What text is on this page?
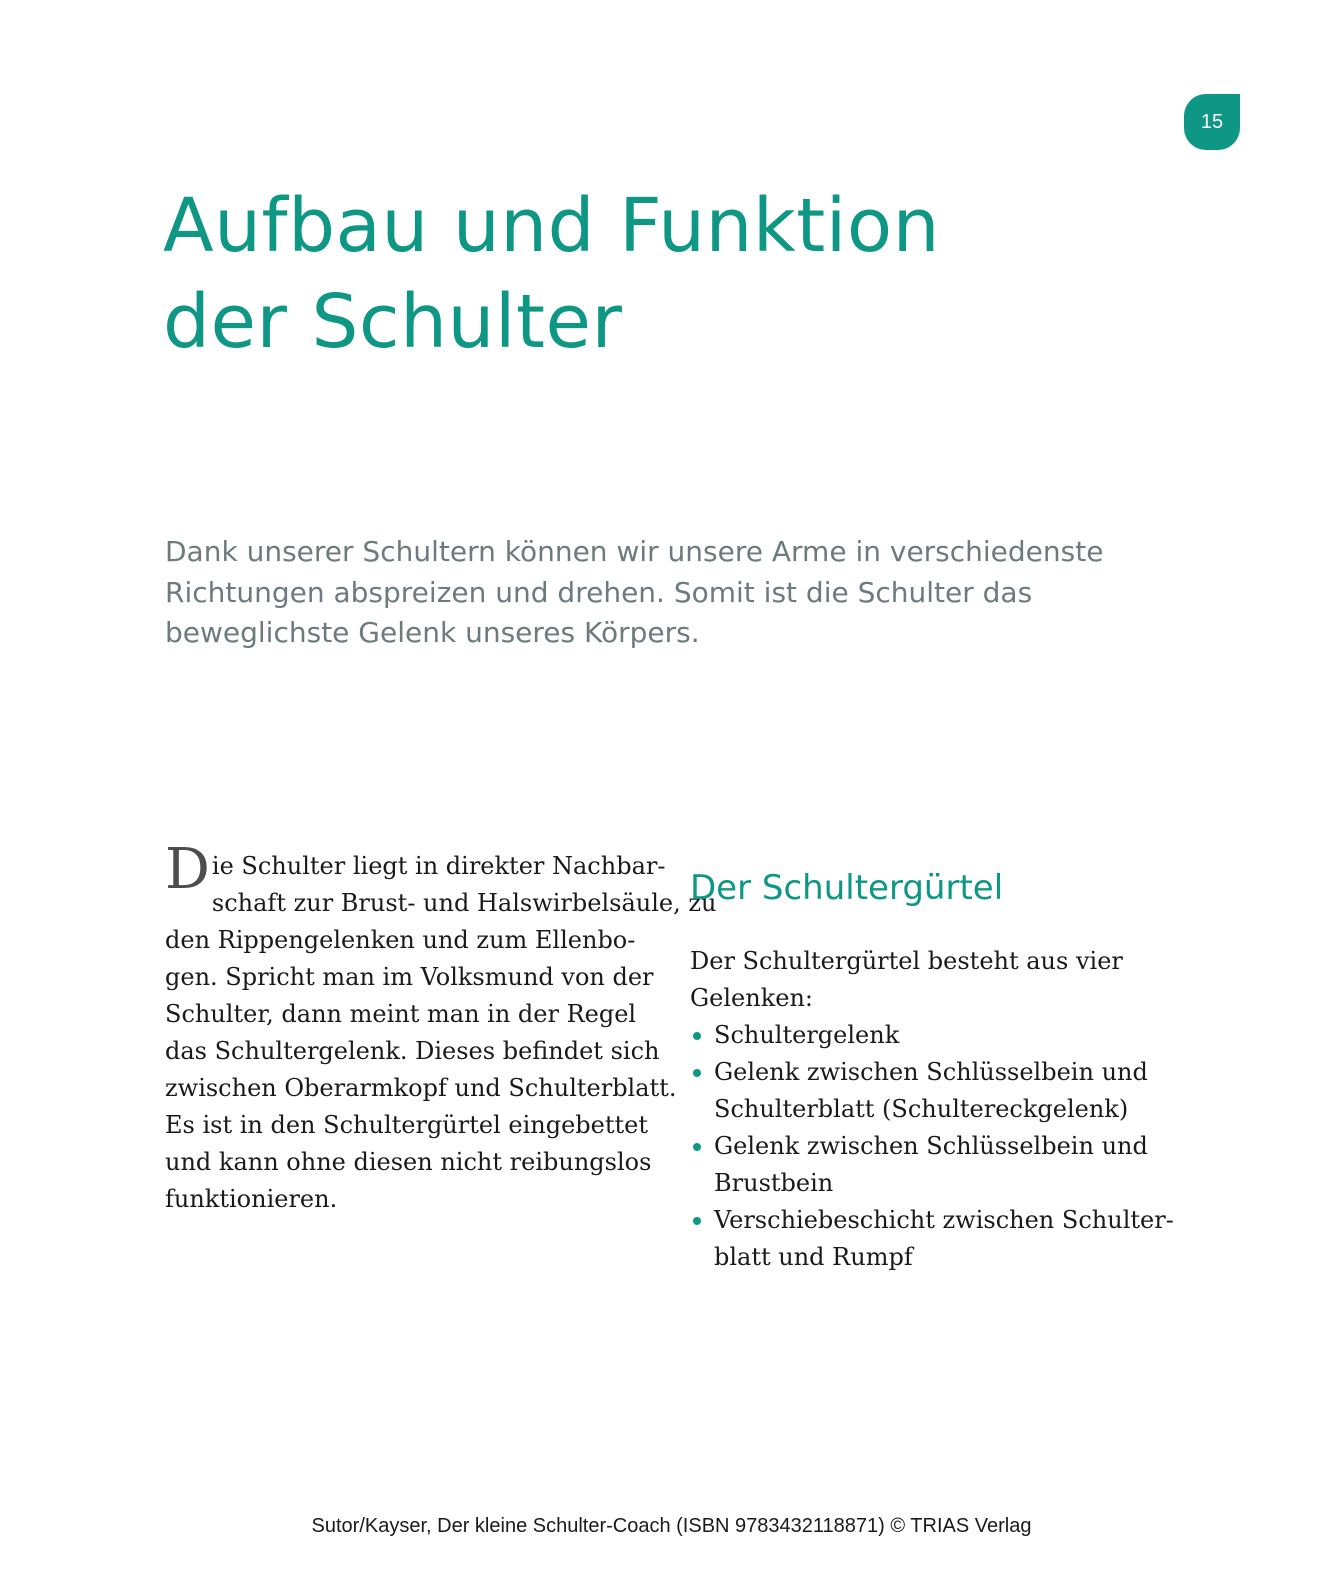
15
Aufbau und Funktion
der Schulter

Dank unserer Schultern können wir unsere Arme in verschiedenste
Richtungen abspreizen und drehen. Somit ist die Schulter das
beweglichste Gelenk unseres Körpers.

D ie Schulter liegt in direkter Nachbar-
schaft zur Brust- und Halswirbelsäule, zu
den Rippengelenken und zum Ellenbo-
gen. Spricht man im Volksmund von der
Schulter, dann meint man in der Regel
das Schultergelenk. Dieses befindet sich
zwischen Oberarmkopf und Schulterblatt.
Es ist in den Schultergürtel eingebettet
und kann ohne diesen nicht reibungslos
funktionieren.
Der Schultergürtel
Der Schultergürtel besteht aus vier
Gelenken:
Schultergelenk
Gelenk zwischen Schlüsselbein und
Schulterblatt (Schultereckgelenk)
Gelenk zwischen Schlüsselbein und
Brustbein
Verschiebeschicht zwischen Schulter-
blatt und Rumpf
Sutor/Kayser, Der kleine Schulter-Coach (ISBN 9783432118871) © TRIAS Verlag
